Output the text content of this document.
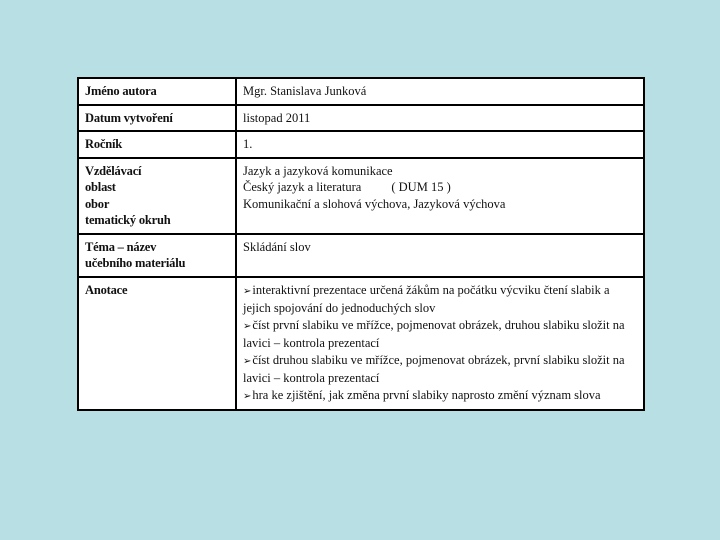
Jméno autora	Mgr. Stanislava Junková
Datum vytvoření	listopad 2011
Ročník	1.

Vzdělávací
oblast
obor
tematický okruh	Jazyk a jazyková komunikace
Český jazyk a literatura ( DUM 15 )
Komunikační a slohová výchova, Jazyková výchova

Téma – název
učebního materiálu	Skládání slov
Anotace	➢interaktivní prezentace určená žákům na počátku výcviku čtení slabik a jejich spojování do jednoduchých slov
➢číst první slabiku ve mřížce, pojmenovat obrázek, druhou slabiku složit na lavici – kontrola prezentací
➢číst druhou slabiku ve mřížce, pojmenovat obrázek, první slabiku složit na lavici – kontrola prezentací
➢hra ke zjištění, jak změna první slabiky naprosto změní význam slova
